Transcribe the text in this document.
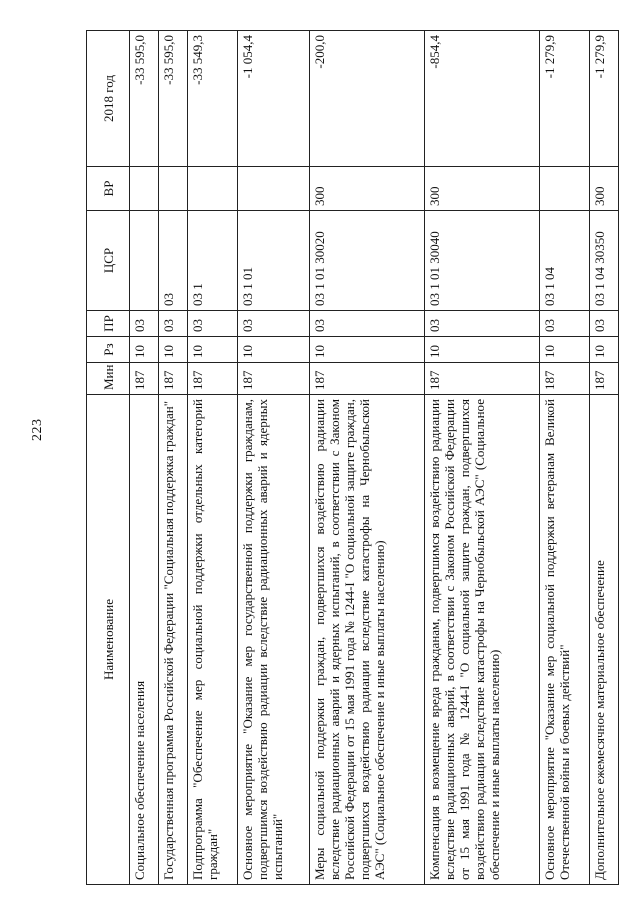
223
Наименование	Мин	Рз	ПР	ЦСР	ВР	2018 год
Социальное обеспечение населения	187	10	03			-33 595,0
Государственная программа Российской Федерации "Социальная поддержка граждан"	187	10	03	03		-33 595,0
Подпрограмма "Обеспечение мер социальной поддержки отдельных категорий граждан"	187	10	03	03 1		-33 549,3
Основное мероприятие "Оказание мер государственной поддержки гражданам, подвергшимся воздействию радиации вследствие радиационных аварий и ядерных испытаний"	187	10	03	03 1 01		-1 054,4
Меры социальной поддержки граждан, подвергшихся воздействию радиации вследствие радиационных аварий и ядерных испытаний, в соответствии с Законом Российской Федерации от 15 мая 1991 года № 1244-I "О социальной защите граждан, подвергшихся воздействию радиации вследствие катастрофы на Чернобыльской АЭС" (Социальное обеспечение и иные выплаты населению)	187	10	03	03 1 01 30020	300	-200,0
Компенсация в возмещение вреда гражданам, подвергшимся воздействию радиации вследствие радиационных аварий, в соответствии с Законом Российской Федерации от 15 мая 1991 года № 1244-I "О социальной защите граждан, подвергшихся воздействию радиации вследствие катастрофы на Чернобыльской АЭС" (Социальное обеспечение и иные выплаты населению)	187	10	03	03 1 01 30040	300	-854,4
Основное мероприятие "Оказание мер социальной поддержки ветеранам Великой Отечественной войны и боевых действий"	187	10	03	03 1 04		-1 279,9
Дополнительное ежемесячное материальное обеспечение	187	10	03	03 1 04 30350	300	-1 279,9
